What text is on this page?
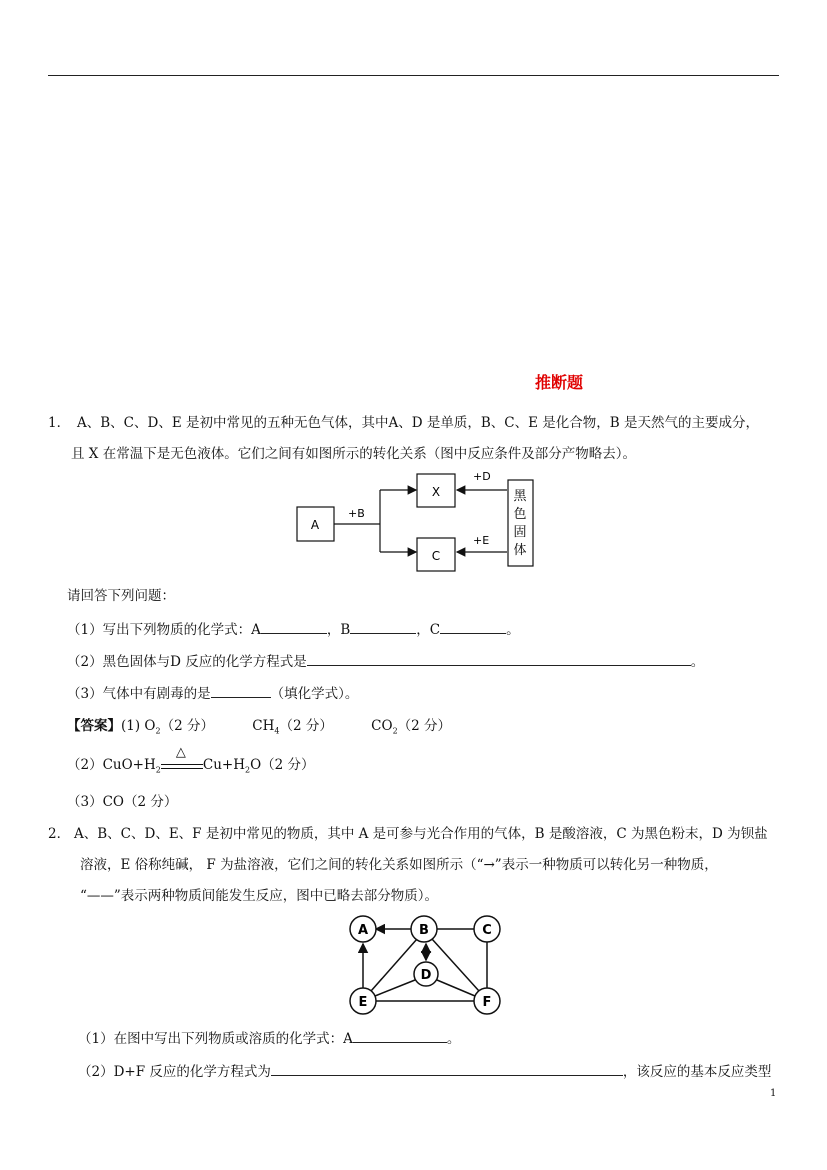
推断题
1． A、B、C、D、E 是初中常见的五种无色气体，其中A、D 是单质，B、C、E 是化合物，B 是天然气的主要成分，
且 X 在常温下是无色液体。它们之间有如图所示的转化关系（图中反应条件及部分产物略去）。
A
+B
X
C
+D
+E
黑
色
固
体
请回答下列问题：
（1）写出下列物质的化学式：A	，B	，C	。
（2）黑色固体与D 反应的化学方程式是	。
（3）气体中有剧毒的是	（填化学式）。
【答案】(1) $O_2(2$ 分）	$CH_4(2$ 分）	$CO_2(2$ 分）
$(2)CuO+H_2$
△
$Cu+H_2O(2$ 分）
（3）CO（2 分）
2． A、B、C、D、E、F 是初中常见的物质，其中 A 是可参与光合作用的气体，B 是酸溶液，C 为黑色粉末，D 为钡盐
溶液，E 俗称纯碱， F 为盐溶液，它们之间的转化关系如图所示（“→”表示一种物质可以转化另一种物质，
“——”表示两种物质间能发生反应，图中已略去部分物质）。
A	B	C
D
E	F
（1）在图中写出下列物质或溶质的化学式：A	。
（2）D+F 反应的化学方程式为	，该反应的基本反应类型
1
